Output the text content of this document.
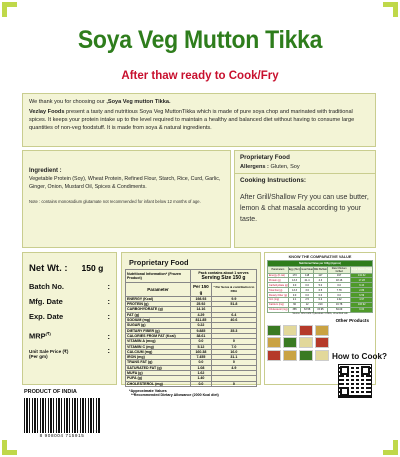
Soya Veg Mutton Tikka
After thaw ready to Cook/Fry
We thank you for choosing our ,Soya Veg mutton Tikka.
Vezlay Foods present a tasty and nutritious Soya Veg MuttonTikka which is made of pure soya chop and marinated with traditional spices. It keeps your protein intake up to the level required to maintain a healthy and balanced diet without having to consume large quantities of non-veg foodstuff. It is made from soya & natural ingredients.
Ingredient :
Vegetable Protein (Soy), Wheat Protein, Refined Flour, Starch, Rice, Curd, Garlic, Ginger, Onion, Mustard Oil, Spices & Condiments.
Note : contains monosodium glutamate not recommended for infant below 12 months of age.
Proprietary Food
Allergens : Gluten, Soy
Cooking Instructions:
After Grill/Shallow Fry you can use butter, lemon & chat masala according to your taste.
Net Wt. : 150 g
Batch No.	:
Mfg. Date	:
Exp. Date	:
MRP(₹)	:
Unit Sale Price (₹) (Per gm)
:
Proprietary Food
Nutritional Information* (Frozen Product)	Pack contains about 1 serves
Serving Size 150 g	

Parameter	Per 150 g	* Per Serve & contribution to RDA
ENERGY (Kcal)	198.93	9.9
PROTEIN (g)	25.92	51.8
CARBOHYDRATE (g)	14.16	
FAT (g)	4.29	6.4
SODIUM (mg)	811.85	40.6
SUGAR (g)	0.22	
DIETARY FIBER (g)	9.885	35.3
CALORIES FROM FAT (Kcal)	38.61	
VITAMIN A (mcg)	0.0	0
VITAMIN C (mg)	5.12	7.0
CALCIUM (mg)	160.38	16.0
IRON (mg)	7.455	31.1
TRANS FAT (g)	0.0	0
SATURATED FAT (g)	1.08	4.9
MUFA (g)	1.62	
PUFA (g)	1.40	
CHOLESTEROL (mg)	0.0	0
*Approximate Values
**Recommended Dietary Allowance (2000 Kcal diet)
KNOW THE COMPARATIVE VALUE
Nutritional Value per 100g (Approx)					
Parameters	Egg (Hen)	Goat Meat	Milk Buffalo	Raw Chicken Grilled	Soya Mutton Tikka
Energy (K cal)	173	118	117	197	132.62
Protein (g)	13.3	21.4	4.3	18.16	17.28
Carbohydrate (g)	0.0	0.0	5.0	0.0	9.44
Total Fat (g)	13.3	3.6	6.5	7.78	2.86
Dietary Fiber (g)	0.0	0.0	0.0	0.0	6.59
Iron (mg)	2.1	2.5	0.2	1.02	4.97
Calcium (mg)	60	12	210	16.78	106.92
Cholesterol (mg)	365	63.58	15.95	84.09	0.00
Source: NIN ICMR Hyderabad / USDA, Unverified Lab
Other Products
How to Cook?
PRODUCT OF INDIA
8 908004 715915
